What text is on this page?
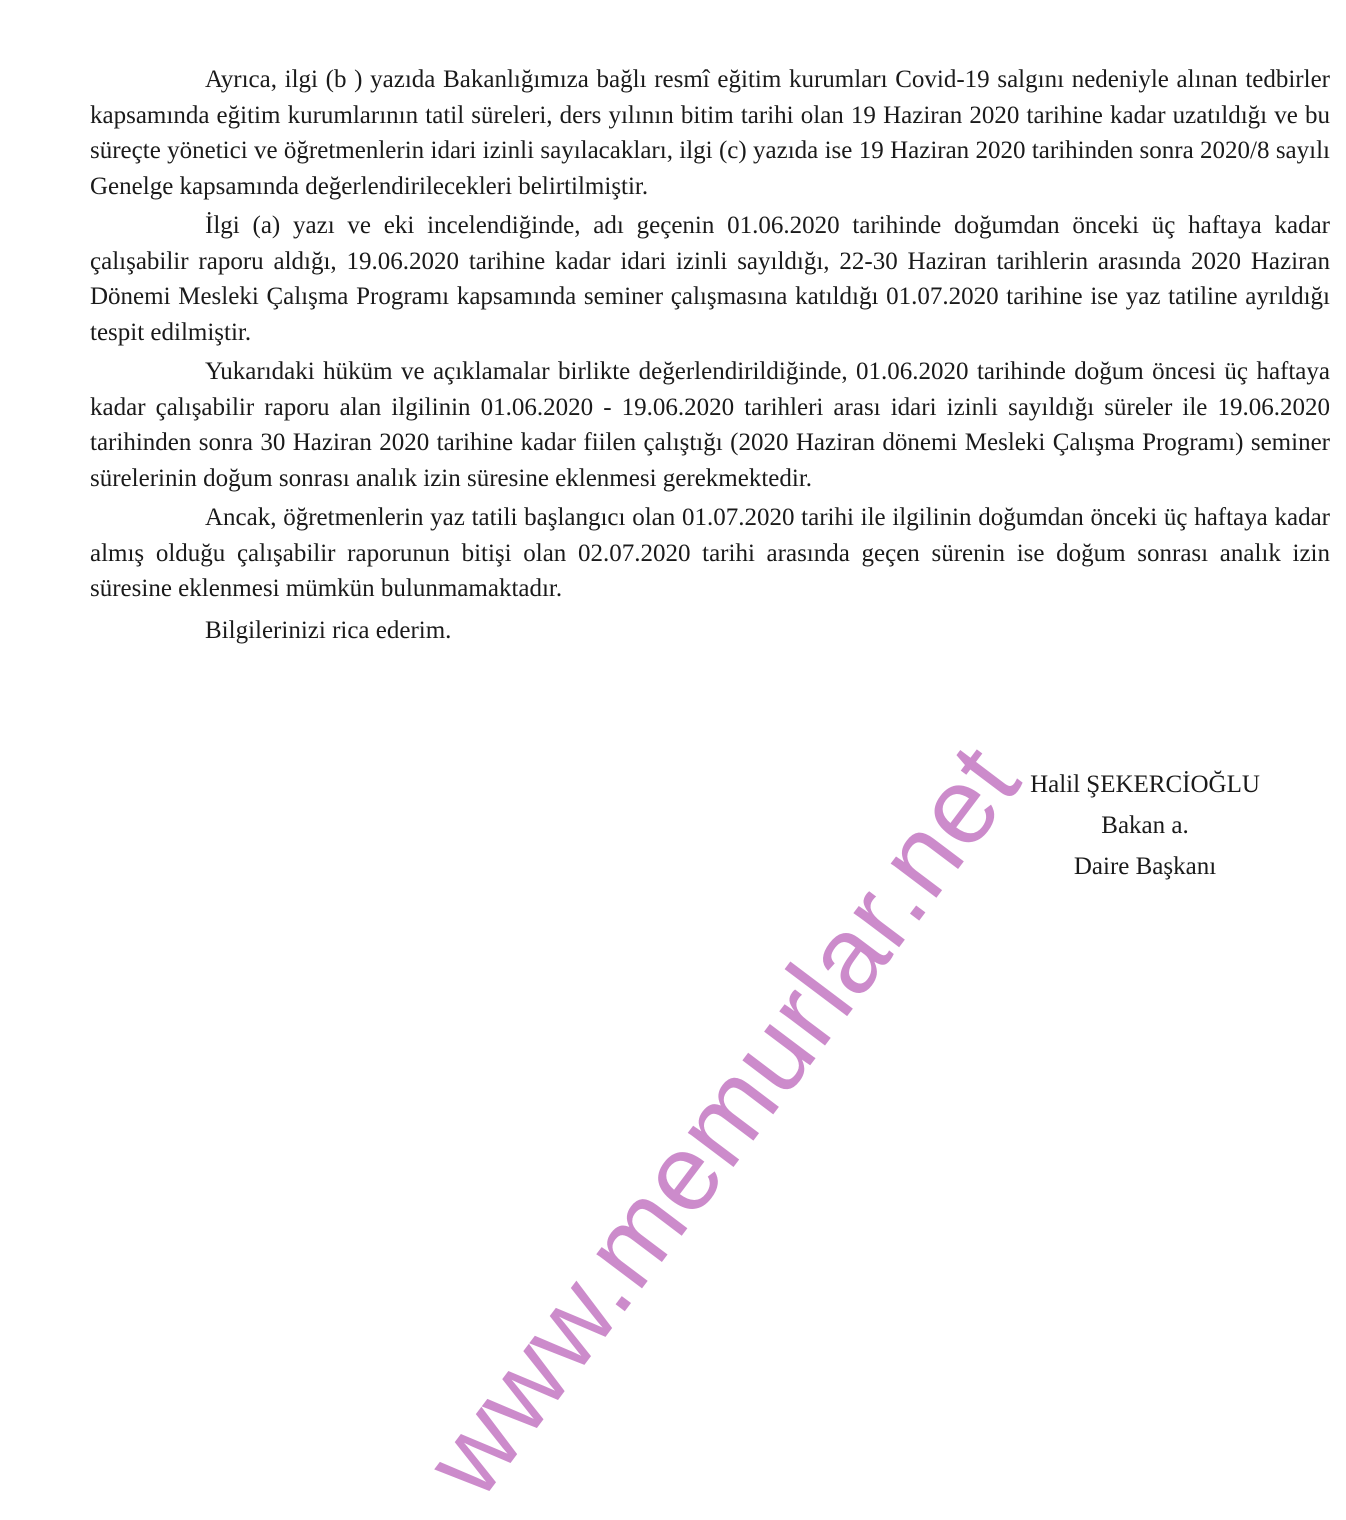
Ayrıca, ilgi (b ) yazıda Bakanlığımıza bağlı resmî eğitim kurumları Covid-19 salgını nedeniyle alınan tedbirler kapsamında eğitim kurumlarının tatil süreleri, ders yılının bitim tarihi olan 19 Haziran 2020 tarihine kadar uzatıldığı ve bu süreçte yönetici ve öğretmenlerin idari izinli sayılacakları, ilgi (c) yazıda ise 19 Haziran 2020 tarihinden sonra 2020/8 sayılı Genelge kapsamında değerlendirilecekleri belirtilmiştir.

İlgi (a) yazı ve eki incelendiğinde, adı geçenin 01.06.2020 tarihinde doğumdan önceki üç haftaya kadar çalışabilir raporu aldığı, 19.06.2020 tarihine kadar idari izinli sayıldığı, 22-30 Haziran tarihlerin arasında 2020 Haziran Dönemi Mesleki Çalışma Programı kapsamında seminer çalışmasına katıldığı 01.07.2020 tarihine ise yaz tatiline ayrıldığı tespit edilmiştir.

Yukarıdaki hüküm ve açıklamalar birlikte değerlendirildiğinde, 01.06.2020 tarihinde doğum öncesi üç haftaya kadar çalışabilir raporu alan ilgilinin 01.06.2020 - 19.06.2020 tarihleri arası idari izinli sayıldığı süreler ile 19.06.2020 tarihinden sonra 30 Haziran 2020 tarihine kadar fiilen çalıştığı (2020 Haziran dönemi Mesleki Çalışma Programı) seminer sürelerinin doğum sonrası analık izin süresine eklenmesi gerekmektedir.

Ancak, öğretmenlerin yaz tatili başlangıcı olan 01.07.2020 tarihi ile ilgilinin doğumdan önceki üç haftaya kadar almış olduğu çalışabilir raporunun bitişi olan 02.07.2020 tarihi arasında geçen sürenin ise doğum sonrası analık izin süresine eklenmesi mümkün bulunmamaktadır.

Bilgilerinizi rica ederim.

Halil ŞEKERCİOĞLU
Bakan a.
Daire Başkanı
www.memurlar.net
